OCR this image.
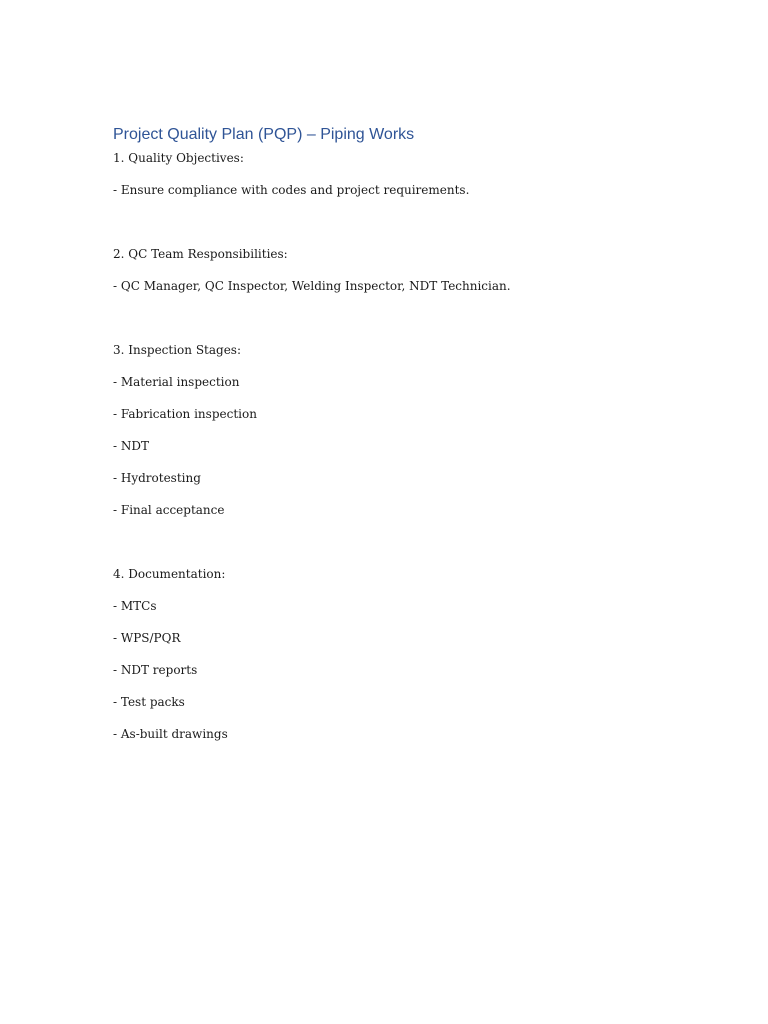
Project Quality Plan (PQP) – Piping Works

1. Quality Objectives:

- Ensure compliance with codes and project requirements.

2. QC Team Responsibilities:

- QC Manager, QC Inspector, Welding Inspector, NDT Technician.

3. Inspection Stages:

- Material inspection

- Fabrication inspection

- NDT

- Hydrotesting

- Final acceptance

4. Documentation:

- MTCs

- WPS/PQR

- NDT reports

- Test packs

- As-built drawings
